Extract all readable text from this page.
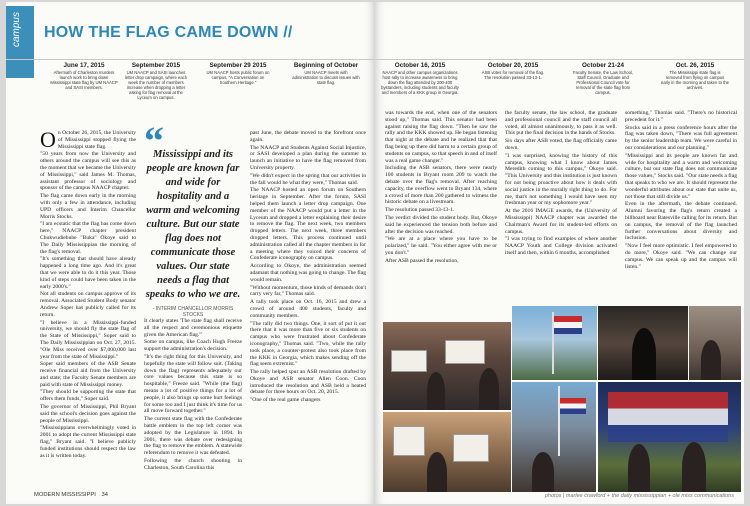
campus HOW THE FLAG CAME DOWN //
June 17, 2015
Aftermath of Charleston murders launch work to bring down Mississippi state flag by UM NAACP and SASI members.
September 2015
UM NAACP and SASI launches letter drop campaign, where each week the number of members increase when dropping a letter asking for flag removal at the Lyceum on campus.
September 29 2015
UM NAACP hosts public forum on campus, "A Conversation on Southern Heritage."
Beginning of October
UM NAACP meets with administration to discuss issues with state flag.
O n October 26, 2015, the University of Mississippi stopped flying the Mississippi state flag.

"50 years from now the University and others around the campus will see this as the moment that we became the University of Mississippi," said James M. Thomas, assistant professor of sociology and sponsor of the campus NAACP chapter.

The flag came down early in the morning with only a few in attendance, including UPD officers and Interim Chancellor Morris Stocks.

"I am ecstatic that the flag has come down here," NAACP chapter president Chukwudiebube "Buka" Okoye said to The Daily Mississippian the morning of the flag's removal.

"It's something that should have already happened a long time ago. And it's great that we were able to do it this year. Those kind of steps could have been taken in the early 2000's."

Not all students on campus approve of its removal. Associated Student Body senator Andrew Soper has publicly called for its return.

"I believe in a Mississippi-funded university, we should fly the state flag of the State of Mississippi," Soper said to The Daily Mississippian on Oct. 27, 2015. "Ole Miss received over $7,000,000 last year from the state of Mississippi."

Soper said members of the ASB Senate receive financial aid from the University and state; the Faculty Senate members are paid with state of Mississippi money.

"They should be supporting the state that offers them funds," Soper said.

The governor of Mississippi, Phil Bryant said the school's decision goes against the people of Mississippi.

"Mississippians overwhelmingly voted in 2001 to adopt the current Mississippi state flag," Bryant said. "I believe publicly funded institutions should respect the law as it is written today.

“
Mississippi and its people are known far and wide for hospitality and a warm and welcoming culture. But our state flag does not communicate those values. Our state needs a flag that speaks to who we are.
- INTERIM CHANCELLOR MORRIS STOCKS

It clearly states 'The state flag shall receive all the respect and ceremonious etiquette given the American flag.'"

Some on campus, like Coach Hugh Freeze support the administration's decision.

"It's the right thing for this University, and hopefully the state will follow suit. (Taking down the flag) represents adequately our core values because this state is so hospitable," Freeze said. "While (the flag) means a lot of positive things for a lot of people, it also brings up some hurt feelings for some too and I just think it's time for us all move forward together."

The current state flag with the Confederate battle emblem in the top left corner was adopted by the Legislature in 1894. In 2001, there was debate over redesigning the flag to remove the emblem. A statewide referendum to remove it was defeated.

Following the church shooting in Charleston, South Carolina this

past June, the debate moved to the forefront once again.

The NAACP and Students Against Social Injustice, or SASI developed a plan during the summer to launch an initiative to have the flag removed from University property.

"We didn't expect in the spring that our activities in the fall would be what they were," Thomas said.

The NAACP hosted an open forum on Southern heritage in September. After the forum, SASI helped them launch a letter drop campaign. One member of the NAACP would put a letter in the Lyceum and dropped a letter explaining their desire to remove the flag. The next week, two members dropped letters. The next week, three members dropped letters. This process continued until administration called all the chapter members in for a meeting where they voiced their concerns of Confederate iconography on campus.

According to Okoye, the administration seemed adamant that nothing was going to change. The flag would remain.

"Without momentum, those kinds of demands don't carry very far," Thomas said.

A rally took place on Oct. 16, 2015 and drew a crowd of around 400 students, faculty and community members.

"The rally did two things. One, it sort of put it out there that it was more than five or six students on campus who were frustrated about Confederate iconography," Thomas said. "Two, while the rally took place, a counter-protest also took place from the KKK in Georgia, which makes sending off the flag seem extremist."

The rally helped spur an ASB resolution drafted by Okoye and ASB senator Allen Coon. Coon introduced the resolution and ASB held a heated debate for three hours on Oct. 20, 2015.

"One of the real game changers

MODERN MISSISSIPPI 34
October 16, 2015
NAACP and other campus organizations host rally to increase awareness to bring down the flag attended by 200-400 bystanders, including students and faculty and members of a KKK group in Georgia.
October 20, 2015
ASB votes for removal of the flag. The resolution passed 33-13-1.
October 21-24
Faculty Senate, the Law School, Staff Council, Graduate and Professional Council vote for removal of the state flag from campus.
Oct. 26, 2015
The Mississippi state flag is removed from flying on campus early in the morning and taken to the archives.

was towards the end, when one of the senators stood up," Thomas said. This senator had been against raising the flag down. "Then he saw the rally and the KKK showed up. He began listening that night at the debate and he realized that that flag being up there did harm to a certain group of students on campus, so that speech in and of itself was a real game changer."

Including the ASB senators, there were nearly 100 students in Bryant room 209 to watch the debate over the flag's removal. After reaching capacity, the overflow went to Bryant 134, where a crowd of more than 200 gathered to witness the historic debate on a livestream.

The resolution passed 33-13-1.

The verdict divided the student body. But, Okoye said he experienced the tension both before and after the decision was reached.

"We are at a place where you have to be polarized," he said. "You either agree with me or you don't."

After ASB passed the resolution,

the faculty senate, the law school, the graduate and professional council and the staff council all voted, all almost unanimously, to pass it as well. This put the final decision in the hands of Stocks.

Six days after ASB voted, the flag officially came down.

"I was surprised, knowing the history of this campus, knowing what I know about James Meredith coming to this campus," Okoye said. "This University and this institution is just known for not being proactive about how it deals with social justice in the morally right thing to do. For me, that's not something I would have seen my freshman year or my sophomore year."

At the 2016 IMAGE awards, the (University of Mississippi) NAACP chapter was awarded the Chairman's Award for its student-led efforts on campus.

"I was trying to find examples of where another NAACP Youth and College division activated itself and then, within 6 months, accomplished

something," Thomas said. "There's no historical precedent for it."

Stocks said in a press conference hours after the flag was taken down, "There was full agreement by the senior leadership team. We were careful in our considerations and our planning."

"Mississippi and its people are known far and wide for hospitality and a warm and welcoming culture, but our state flag does not communicate those values," Stocks said. "Our state needs a flag that speaks to who we are. It should represent the wonderful attributes about our state that unite us, not those that still divide us."

Even in the aftermath, the debate continued. Alumni favoring the flag's return created a billboard near Batesville calling for its return. But on campus, the removal of the flag launched further conversations about diversity and inclusion.

"Now I feel more optimistic. I feel empowered to do more," Okoye said. "We can change our campus. We can speak up and the campus will listen."

photos | marlee crawford + the daily mississippian + ole miss communications
